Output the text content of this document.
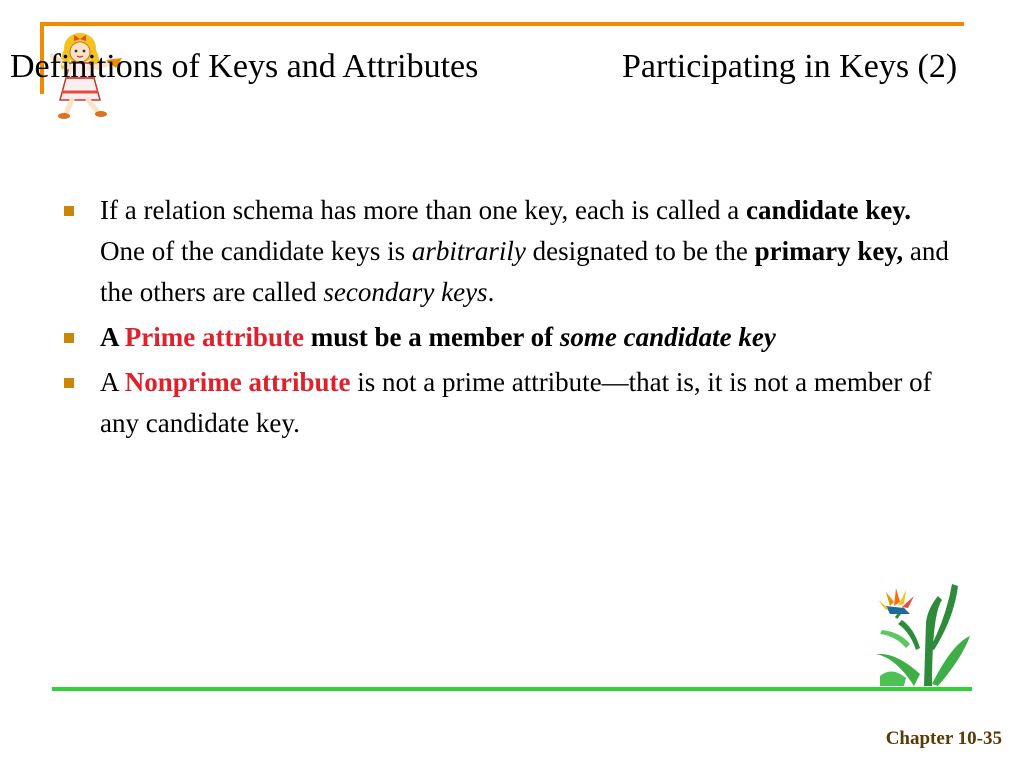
Definitions of Keys and Attributes	Participating in Keys (2)
If a relation schema has more than one key, each is called a candidate key. One of the candidate keys is arbitrarily designated to be the primary key, and the others are called secondary keys.
A Prime attribute must be a member of some candidate key
A Nonprime attribute is not a prime attribute—that is, it is not a member of any candidate key.
Chapter 10-35
